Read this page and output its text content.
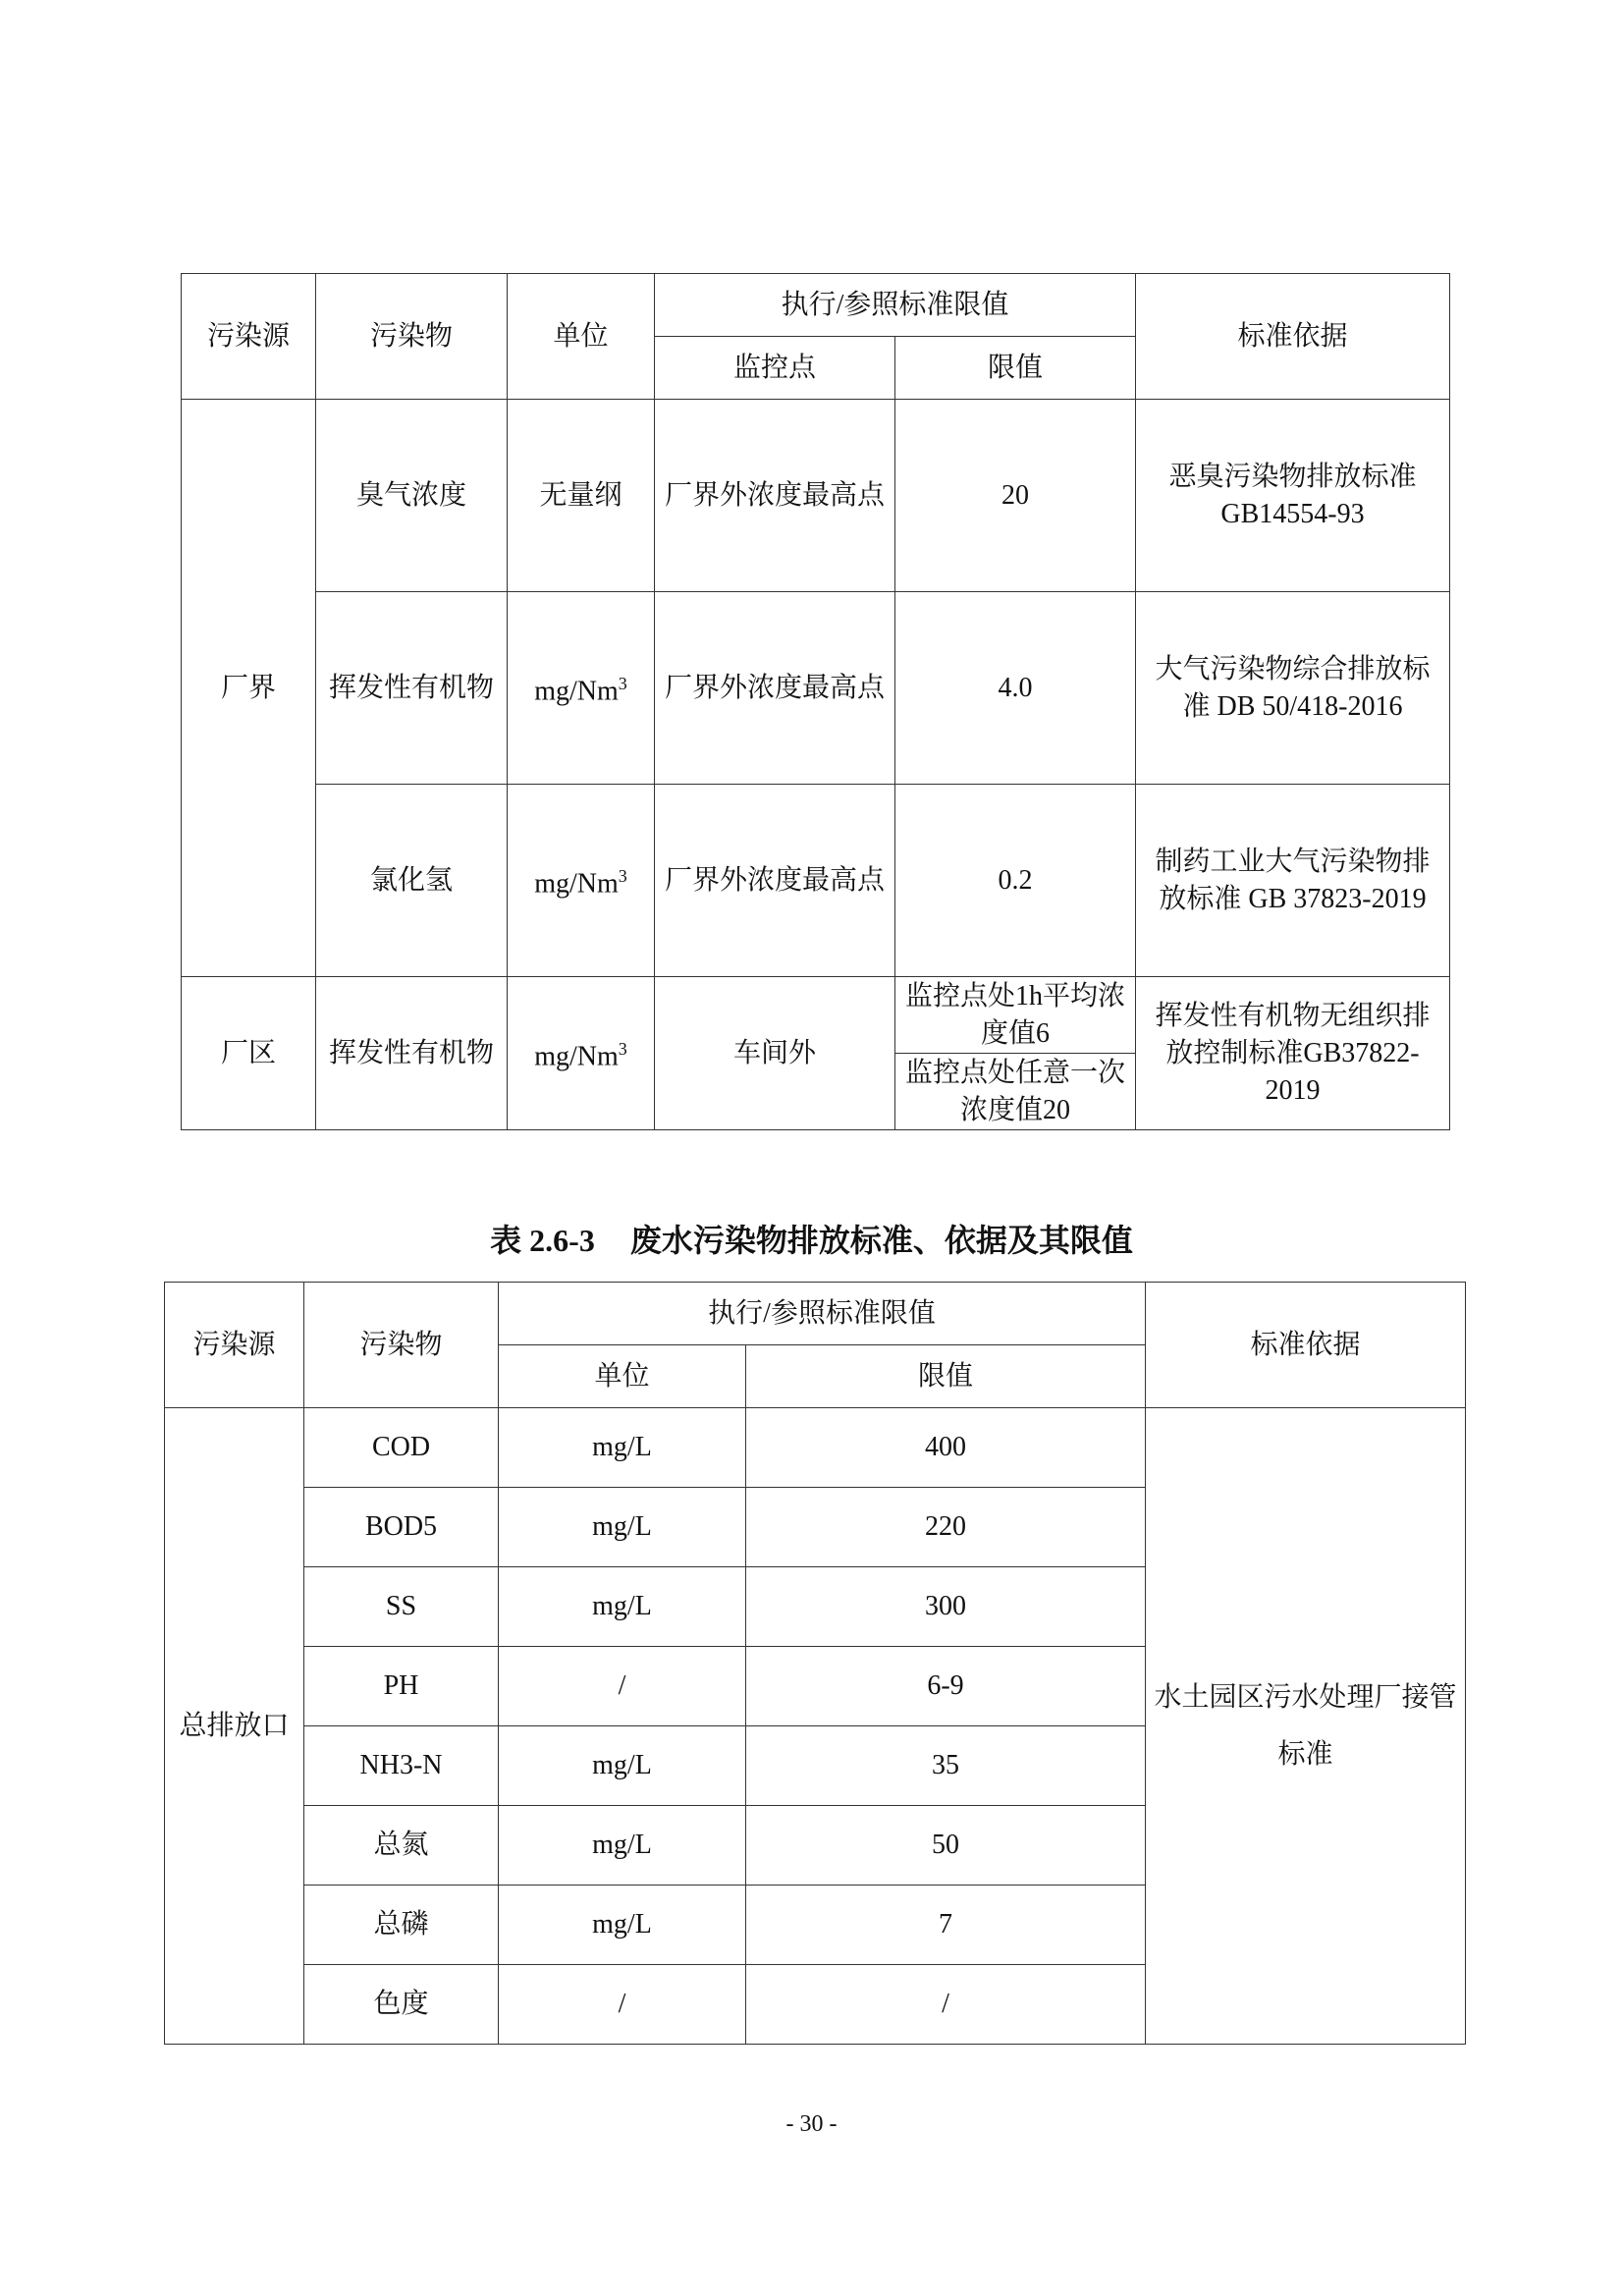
污染源	污染物	单位	执行/参照标准限值		标准依据
			监控点	限值	
厂界	臭气浓度	无量纲	厂界外浓度最高点	20	恶臭污染物排放标准GB14554-93
	挥发性有机物	mg/Nm$^3$	厂界外浓度最高点	4.0	大气污染物综合排放标准 DB 50/418-2016
	氯化氢	mg/Nm$^3$	厂界外浓度最高点	0.2	制药工业大气污染物排放标准 GB 37823-2019
厂区	挥发性有机物	mg/Nm$^3$	车间外	监控点处1h平均浓度值6	挥发性有机物无组织排放控制标准GB37822-2019
				监控点处任意一次浓度值20	
表 2.6-3 废水污染物排放标准、依据及其限值
污染源	污染物	执行/参照标准限值		标准依据
		单位	限值	
总排放口	COD	mg/L	400	水土园区污水处理厂接管标准
	BOD5	mg/L	220	
	SS	mg/L	300	
	PH	/	6-9	
	NH3-N	mg/L	35	
	总氮	mg/L	50	
	总磷	mg/L	7	
	色度	/	/	
- 30 -
